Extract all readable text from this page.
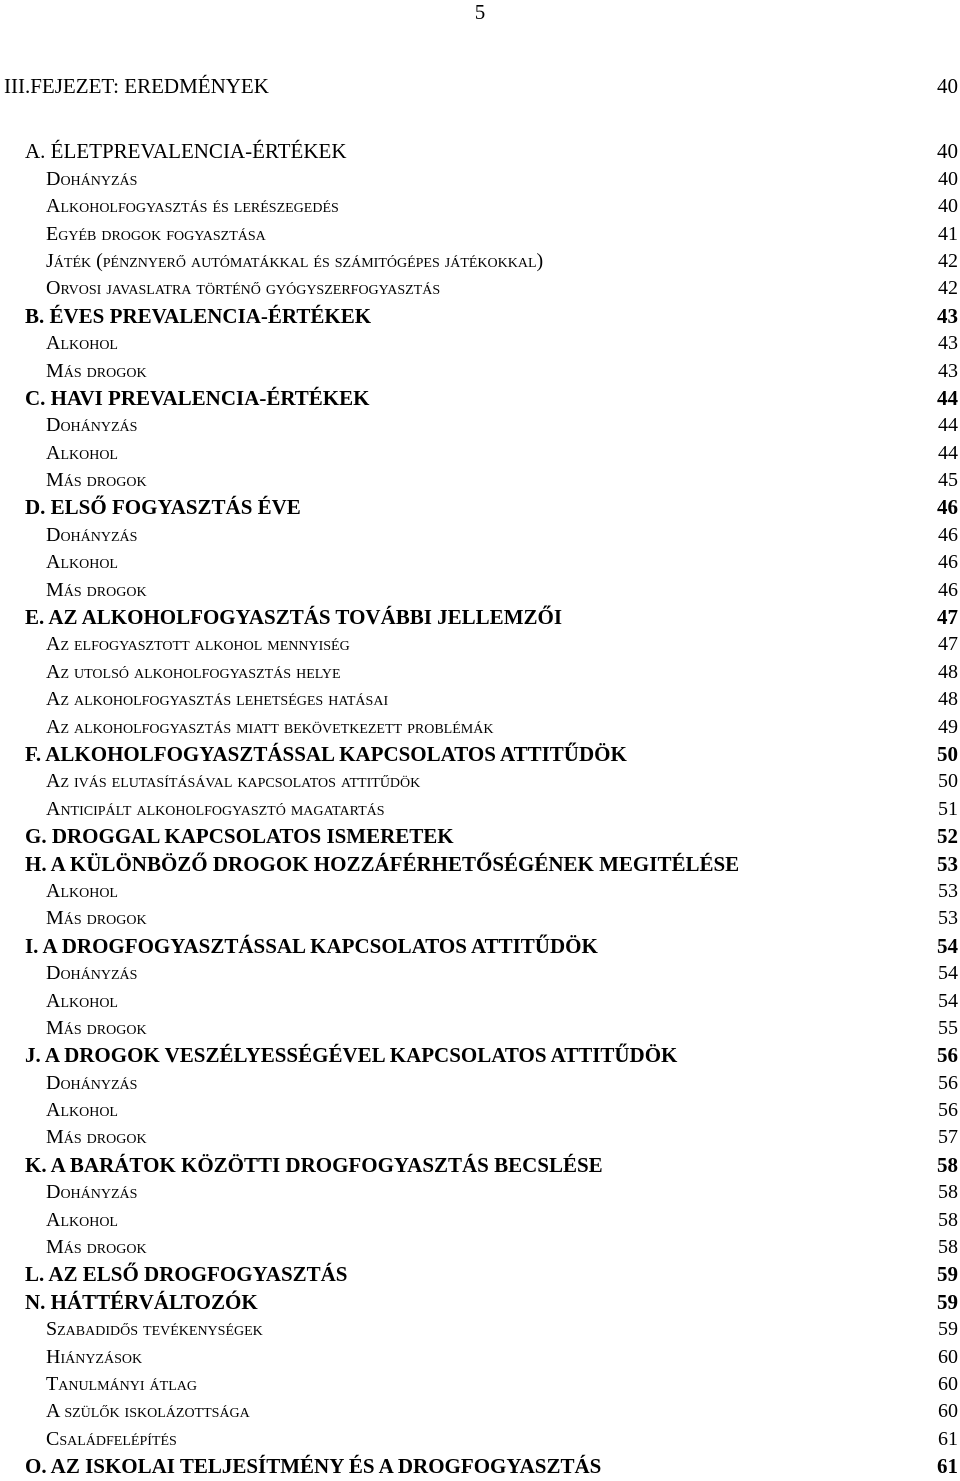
5
III.FEJEZET: EREDMÉNYEK	40
A. ÉLETPREVALENCIA-ÉRTÉKEK	40
Dohányzás	40
Alkoholfogyasztás és lerészegedés	40
Egyéb drogok fogyasztása	41
Játék (pénznyerő autómatákkal és számitógépes játékokkal)	42
Orvosi javaslatra történő gyógyszerfogyasztás	42
B. ÉVES PREVALENCIA-ÉRTÉKEK	43
Alkohol	43
Más drogok	43
C. HAVI PREVALENCIA-ÉRTÉKEK	44
Dohányzás	44
Alkohol	44
Más drogok	45
D. ELSŐ FOGYASZTÁS ÉVE	46
Dohányzás	46
Alkohol	46
Más drogok	46
E. AZ ALKOHOLFOGYASZTÁS TOVÁBBI JELLEMZŐI	47
Az elfogyasztott alkohol mennyiség	47
Az utolsó alkoholfogyasztás helye	48
Az alkoholfogyasztás lehetséges hatásai	48
Az alkoholfogyasztás miatt bekövetkezett problémák	49
F. ALKOHOLFOGYASZTÁSSAL KAPCSOLATOS ATTITŰDÖK	50
Az ivás elutasításával kapcsolatos attitűdök	50
Anticipált alkoholfogyasztó magatartás	51
G. DROGGAL KAPCSOLATOS ISMERETEK	52
H. A KÜLÖNBÖZŐ DROGOK HOZZÁFÉRHETŐSÉGÉNEK MEGITÉLÉSE	53
Alkohol	53
Más drogok	53
I. A DROGFOGYASZTÁSSAL KAPCSOLATOS ATTITŰDÖK	54
Dohányzás	54
Alkohol	54
Más drogok	55
J. A DROGOK VESZÉLYESSÉGÉVEL KAPCSOLATOS ATTITŰDÖK	56
Dohányzás	56
Alkohol	56
Más drogok	57
K. A BARÁTOK KÖZÖTTI DROGFOGYASZTÁS BECSLÉSE	58
Dohányzás	58
Alkohol	58
Más drogok	58
L. AZ ELSŐ DROGFOGYASZTÁS	59
N. HÁTTÉRVÁLTOZÓK	59
Szabadidős tevékenységek	59
Hiányzások	60
Tanulmányi átlag	60
A szülők iskolázottsága	60
Családfelépítés	61
O. AZ ISKOLAI TELJESÍTMÉNY ÉS A DROGFOGYASZTÁS	61
